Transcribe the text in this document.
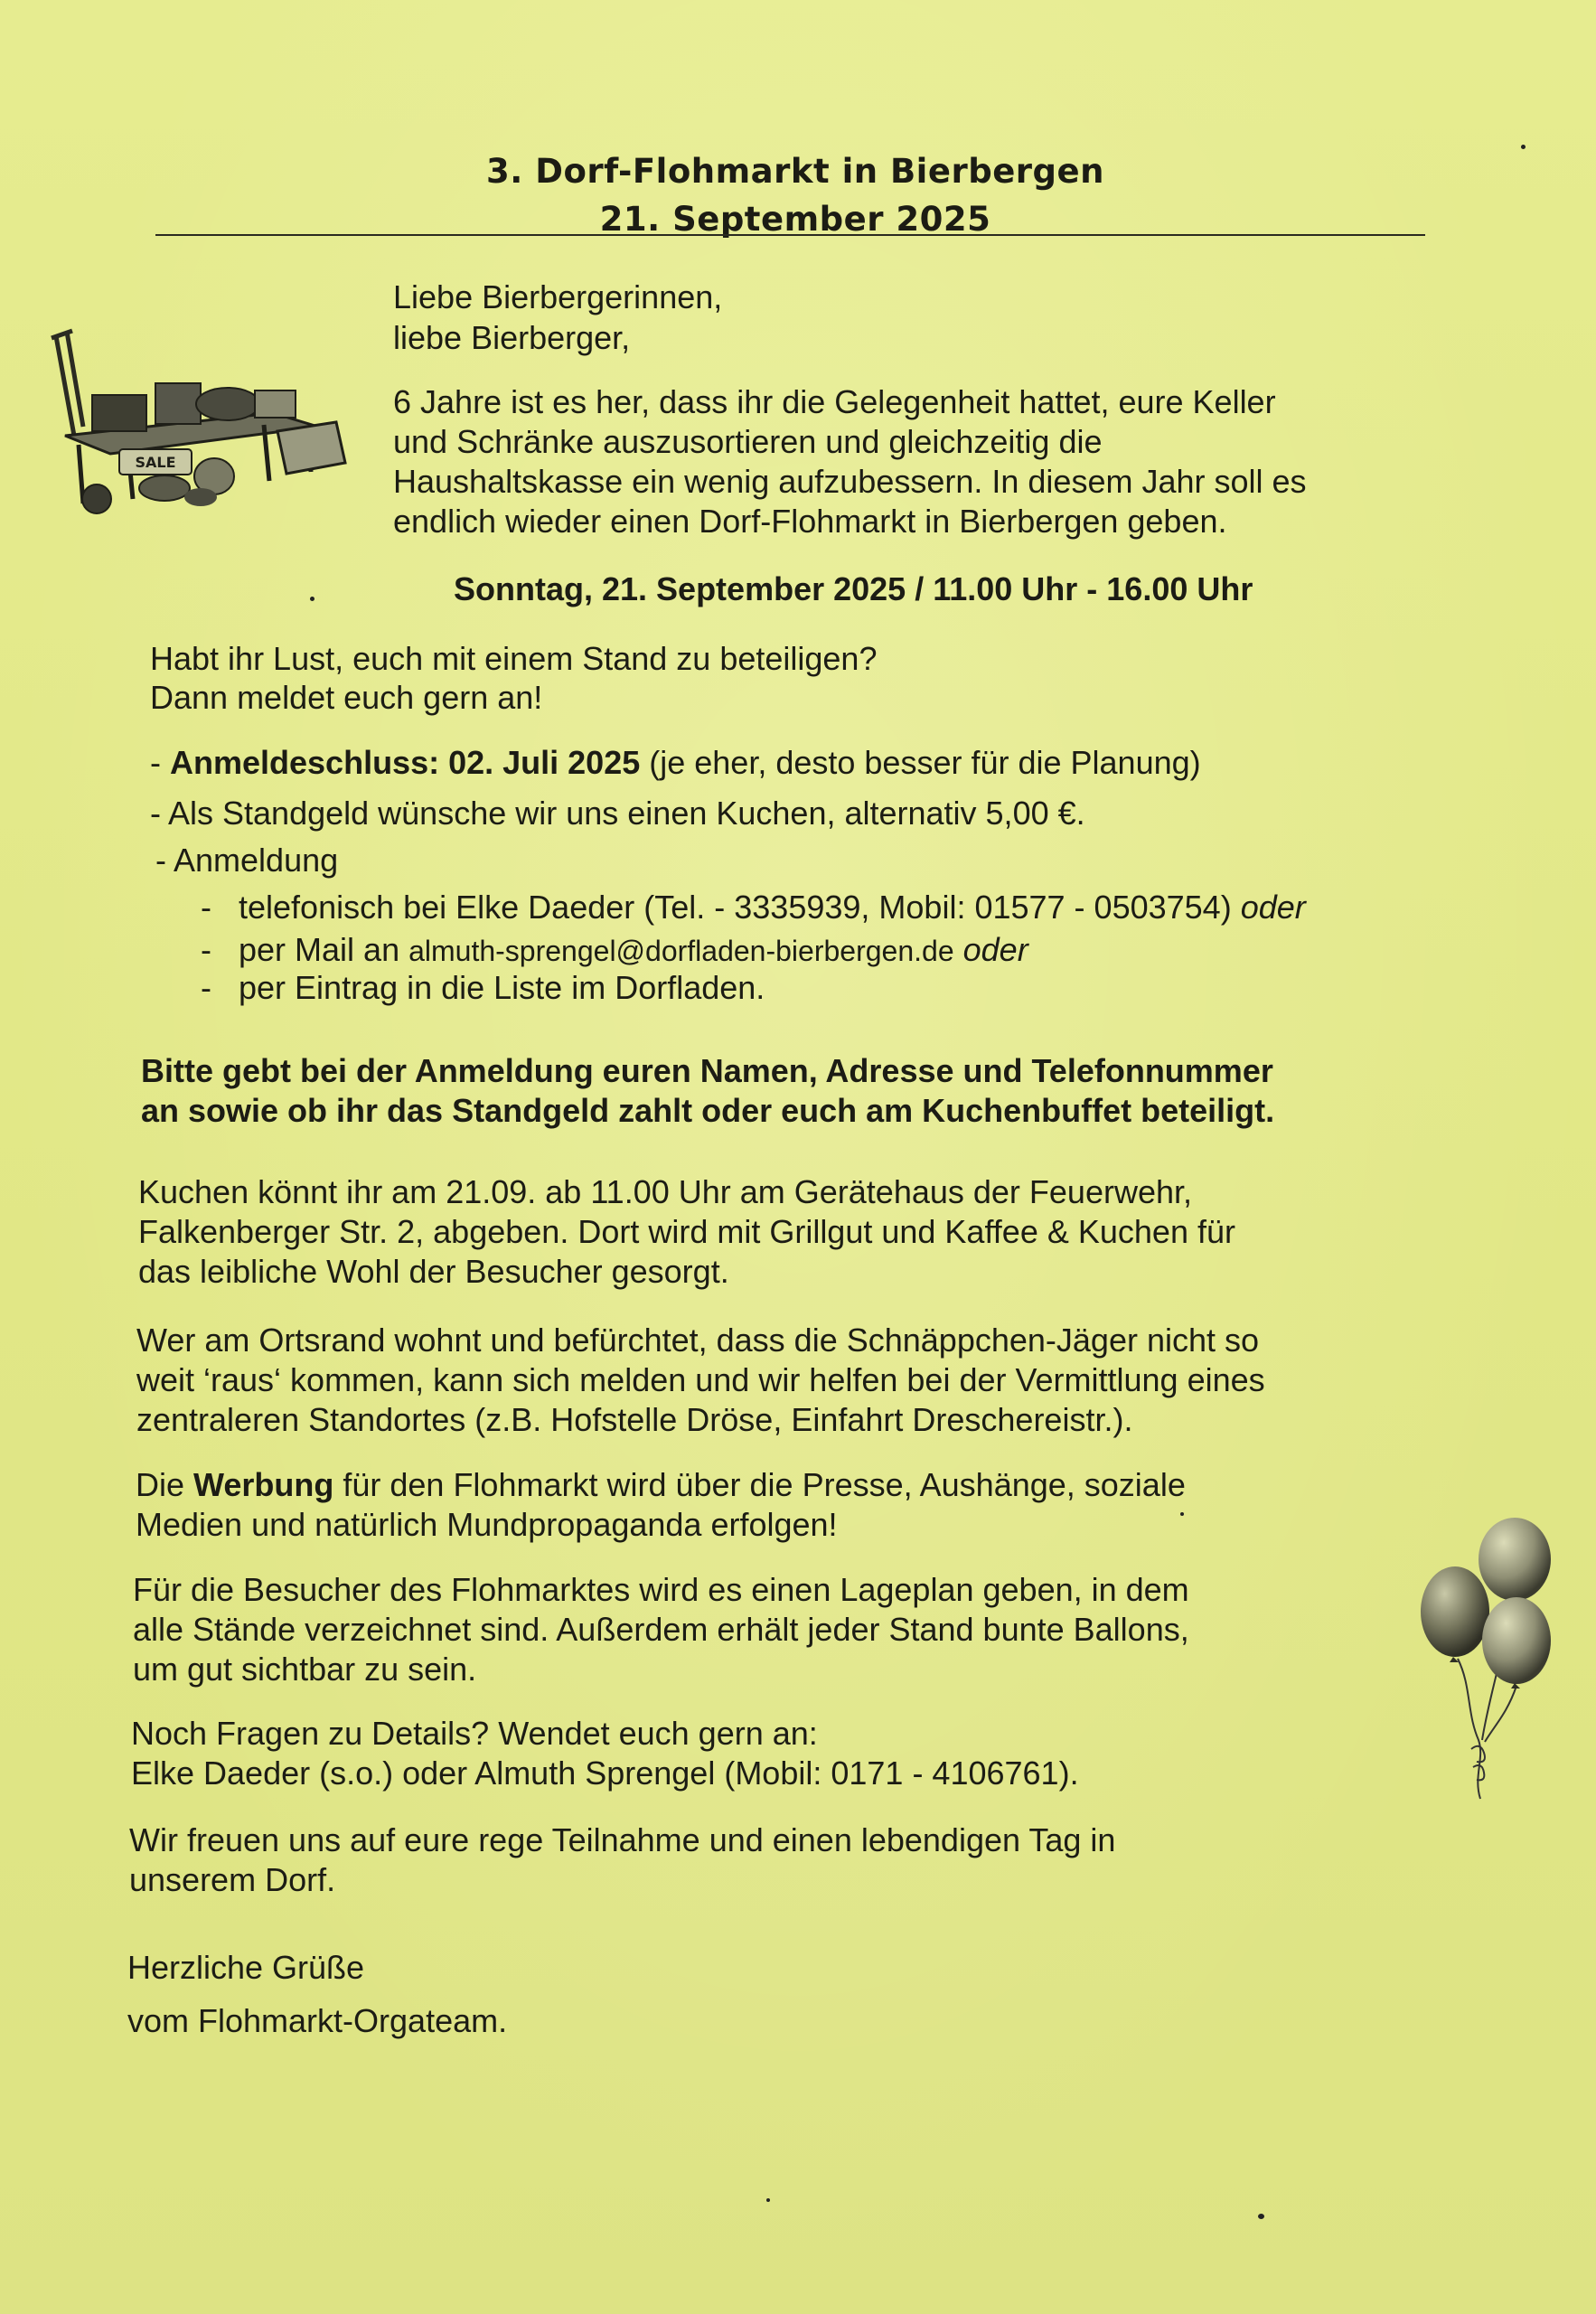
3. Dorf-Flohmarkt in Bierbergen
21. September 2025
SALE
Liebe Bierbergerinnen,
liebe Bierberger,
6 Jahre ist es her, dass ihr die Gelegenheit hattet, eure Keller
und Schränke auszusortieren und gleichzeitig die
Haushaltskasse ein wenig aufzubessern. In diesem Jahr soll es
endlich wieder einen Dorf-Flohmarkt in Bierbergen geben.
Sonntag, 21. September 2025 / 11.00 Uhr - 16.00 Uhr
Habt ihr Lust, euch mit einem Stand zu beteiligen?
Dann meldet euch gern an!
- Anmeldeschluss: 02. Juli 2025 (je eher, desto besser für die Planung)
- Als Standgeld wünsche wir uns einen Kuchen, alternativ 5,00 €.
- Anmeldung
-   telefonisch bei Elke Daeder (Tel. - 3335939, Mobil: 01577 - 0503754) oder
-   per Mail an almuth-sprengel@dorfladen-bierbergen.de oder
-   per Eintrag in die Liste im Dorfladen.
Bitte gebt bei der Anmeldung euren Namen, Adresse und Telefonnummer
an sowie ob ihr das Standgeld zahlt oder euch am Kuchenbuffet beteiligt.
Kuchen könnt ihr am 21.09. ab 11.00 Uhr am Gerätehaus der Feuerwehr,
Falkenberger Str. 2, abgeben. Dort wird mit Grillgut und Kaffee & Kuchen für
das leibliche Wohl der Besucher gesorgt.
Wer am Ortsrand wohnt und befürchtet, dass die Schnäppchen-Jäger nicht so
weit ‘raus‘ kommen, kann sich melden und wir helfen bei der Vermittlung eines
zentraleren Standortes (z.B. Hofstelle Dröse, Einfahrt Dreschereistr.).
Die Werbung für den Flohmarkt wird über die Presse, Aushänge, soziale
Medien und natürlich Mundpropaganda erfolgen!
Für die Besucher des Flohmarktes wird es einen Lageplan geben, in dem
alle Stände verzeichnet sind. Außerdem erhält jeder Stand bunte Ballons,
um gut sichtbar zu sein.
Noch Fragen zu Details? Wendet euch gern an:
Elke Daeder (s.o.) oder Almuth Sprengel (Mobil: 0171 - 4106761).
Wir freuen uns auf eure rege Teilnahme und einen lebendigen Tag in
unserem Dorf.
Herzliche Grüße
vom Flohmarkt-Orgateam.
